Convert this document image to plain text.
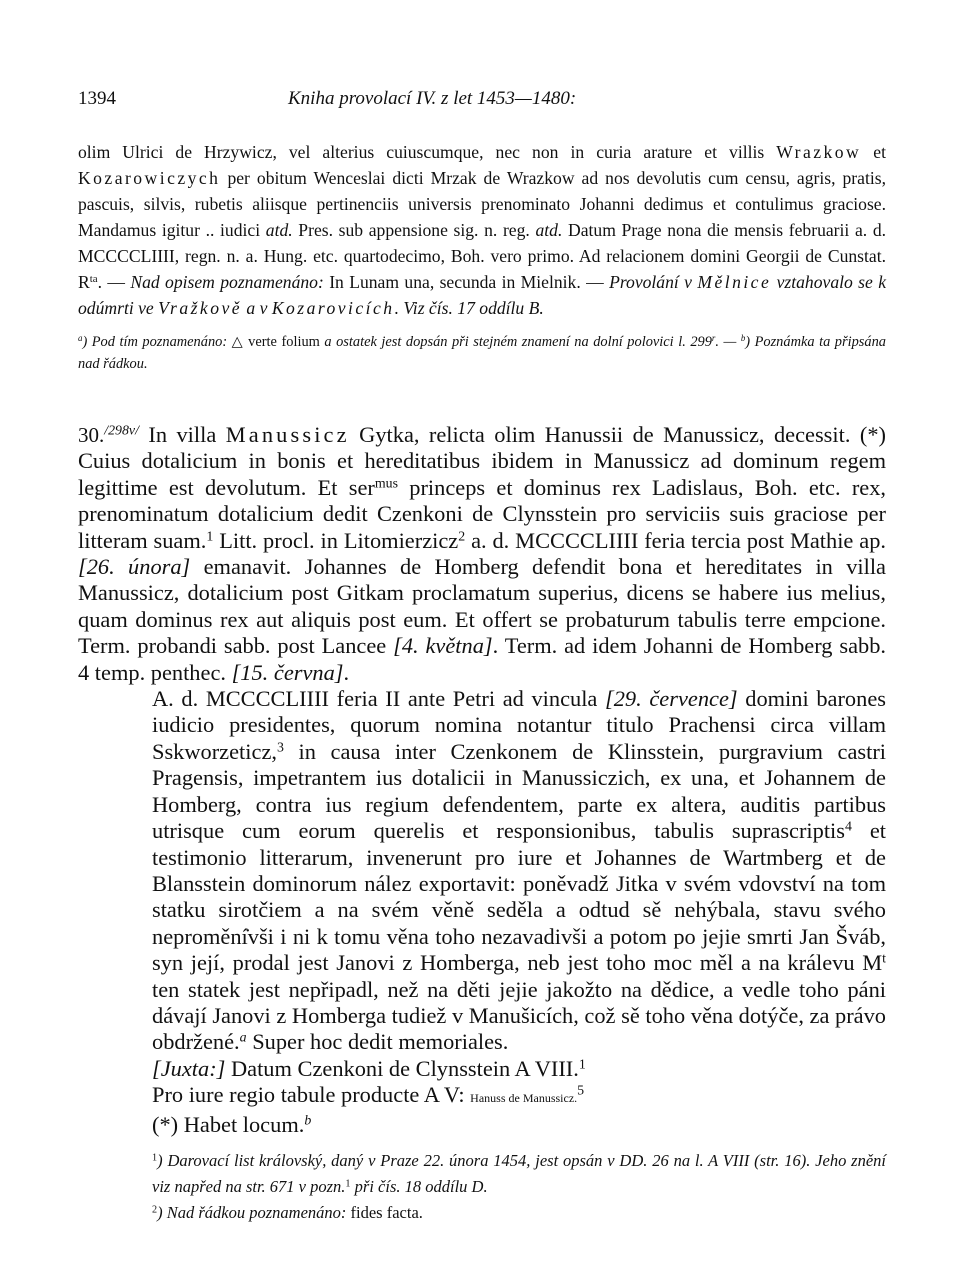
1394	Kniha provolací IV. z let 1453—1480:
olim Ulrici de Hrzywicz, vel alterius cuiuscumque, nec non in curia arature et villis Wrazkow et Kozarowiczych per obitum Wenceslai dicti Mrzak de Wrazkow ad nos devolutis cum censu, agris, pratis, pascuis, silvis, rubetis aliisque pertinenciis universis prenominato Johanni dedimus et contulimus graciose. Mandamus igitur .. iudici atd. Pres. sub appensione sig. n. reg. atd. Datum Prage nona die mensis februarii a. d. MCCCCLIIII, regn. n. a. Hung. etc. quartodecimo, Boh. vero primo. Ad relacionem domini Georgii de Cunstat. $R^{ta}$. — Nad opisem poznamenáno: In Lunam una, secunda in Mielnik. — Provolání v Mělnice vztahovalo se k odúmrti ve Vražkově a v Kozarovicích. Viz čís. 17 oddílu B.
$^a$) Pod tím poznamenáno: △ verte folium a ostatek jest dopsán při stejném znamení na dolní polovici l. 299$^r$. — $^b$) Poznámka ta připsána nad řádkou.
30.$^{/298v/}$ In villa Manussicz Gytka, relicta olim Hanussii de Manussicz, decessit. (*) Cuius dotalicium in bonis et hereditatibus ibidem in Manussicz ad dominum regem legittime est devolutum. Et ser$^{mus}$ princeps et dominus rex Ladislaus, Boh. etc. rex, prenominatum dotalicium dedit Czenkoni de Clynsstein pro serviciis suis graciose per litteram suam.$^1$ Litt. procl. in Litomierzicz$^2$ a. d. MCCCCLIIII feria tercia post Mathie ap. [26. února] emanavit. Johannes de Homberg defendit bona et hereditates in villa Manussicz, dotalicium post Gitkam proclamatum superius, dicens se habere ius melius, quam dominus rex aut aliquis post eum. Et offert se probaturum tabulis terre empcione. Term. probandi sabb. post Lancee [4. května]. Term. ad idem Johanni de Homberg sabb. 4 temp. penthec. [15. června].
A. d. MCCCCLIIII feria II ante Petri ad vincula [29. července] domini barones iudicio presidentes, quorum nomina notantur titulo Prachensi circa villam Sskworzeticz,$^3$ in causa inter Czenkonem de Klinsstein, purgravium castri Pragensis, impetrantem ius dotalicii in Manussiczich, ex una, et Johannem de Homberg, contra ius regium defendentem, parte ex altera, auditis partibus utrisque cum eorum querelis et responsionibus, tabulis suprascriptis$^4$ et testimonio litterarum, invenerunt pro iure et Johannes de Wartmberg et de Blansstein dominorum nález exportavit: poněvadž Jitka v svém vdovství na tom statku sirotčiem a na svém věně seděla a odtud sě nehýbala, stavu svého nepromění̇vši i ni k tomu věna toho nezavadivši a potom po jejie smrti Jan Šváb, syn její, prodal jest Janovi z Homberga, neb jest toho moc měl a na králevu $M^t$ ten statek jest nepřipadl, než na děti jejie jakožto na dědice, a vedle toho páni dávají Janovi z Homberga tudiež v Manušicích, což sě toho věna dotýče, za právo obdržené.$^a$ Super hoc dedit memoriales.
[Juxta:] Datum Czenkoni de Clynsstein A VIII.$^1$
Pro iure regio tabule producte A V: Hanuss de Manussicz.$^5$
(*) Habet locum.$^b$
$^1$) Darovací list královský, daný v Praze 22. února 1454, jest opsán v DD. 26 na l. A VIII (str. 16). Jeho znění viz napřed na str. 671 v pozn.$^1$ při čís. 18 oddílu D.
$^2$) Nad řádkou poznamenáno: fides facta.
